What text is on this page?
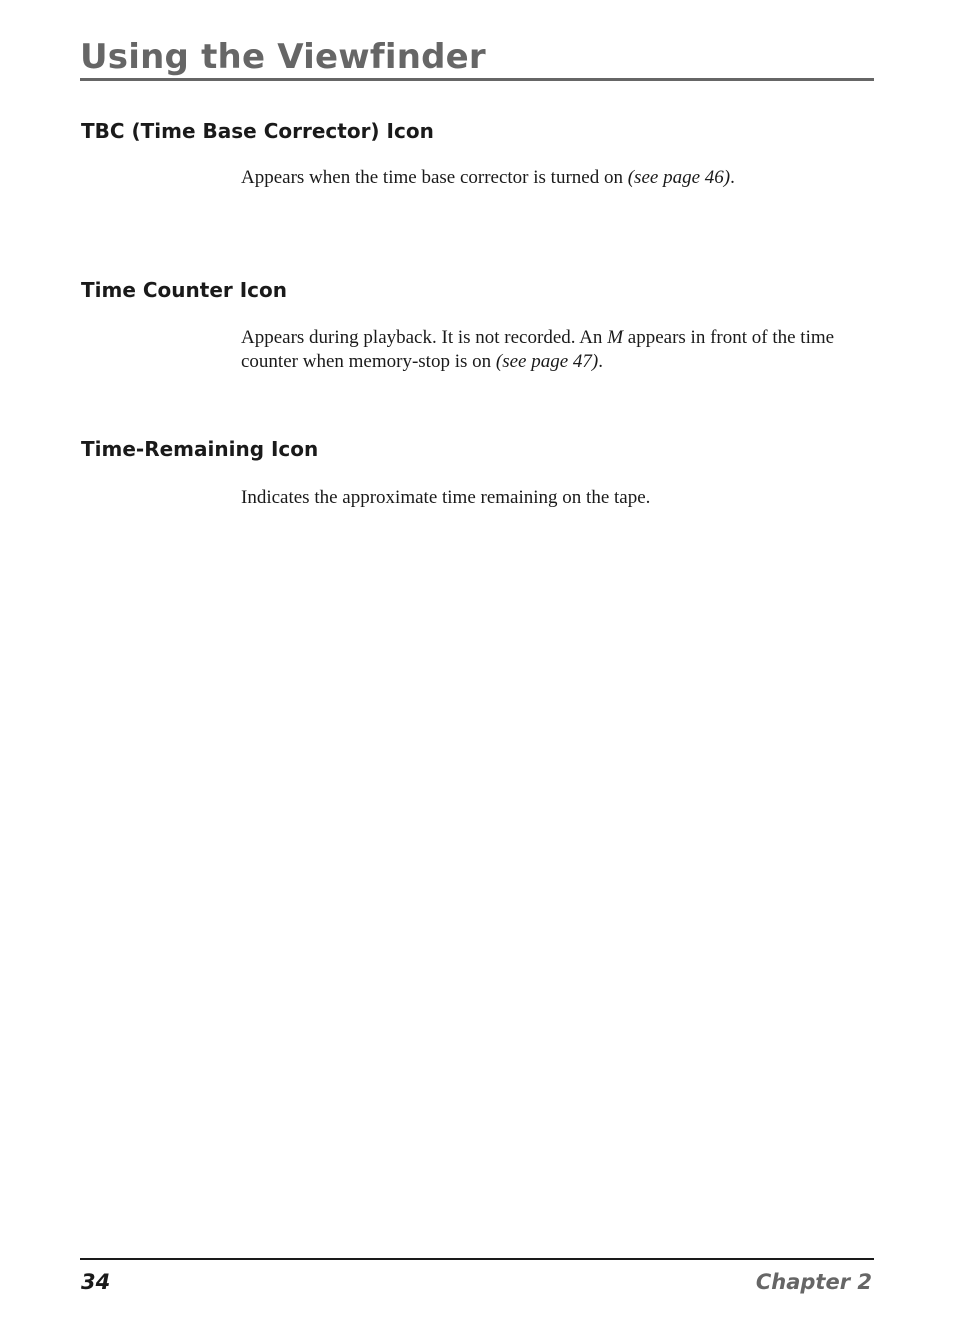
Using the Viewfinder
TBC (Time Base Corrector) Icon

Appears when the time base corrector is turned on (see page 46).

Time Counter Icon

Appears during playback. It is not recorded. An M appears in front of the time counter when memory-stop is on (see page 47).

Time-Remaining Icon

Indicates the approximate time remaining on the tape.

34	Chapter 2
